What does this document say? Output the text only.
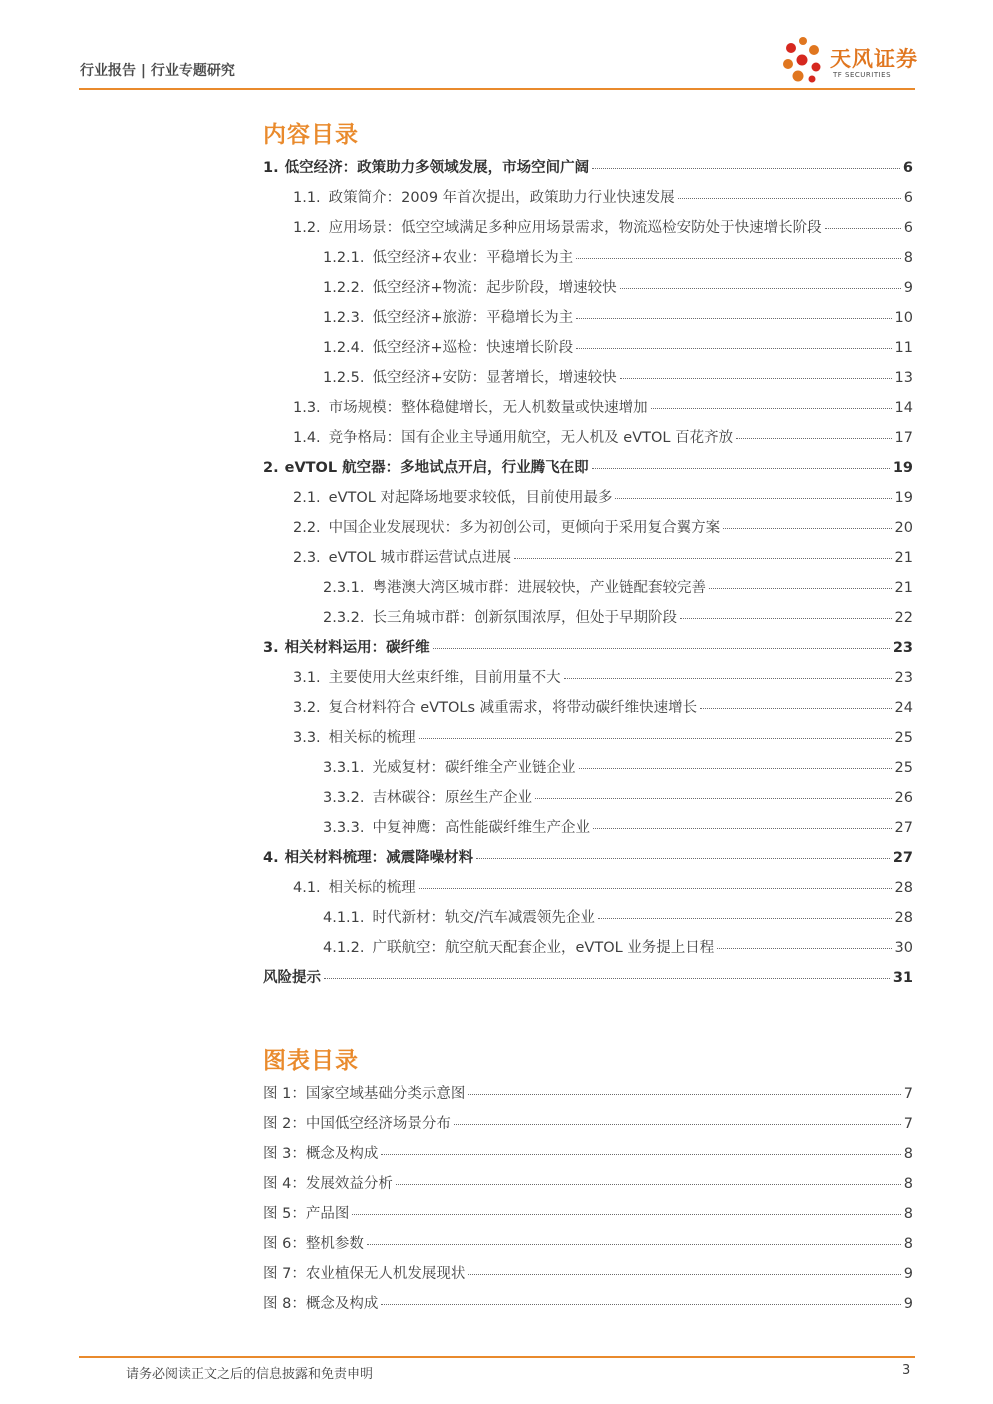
行业报告 | 行业专题研究	天风证券
TF SECURITIES
内容目录
1. 低空经济：政策助力多领域发展，市场空间广阔	6
1.1. 政策简介：2009 年首次提出，政策助力行业快速发展	6
1.2. 应用场景：低空空域满足多种应用场景需求，物流巡检安防处于快速增长阶段	6
1.2.1. 低空经济+农业：平稳增长为主	8
1.2.2. 低空经济+物流：起步阶段，增速较快	9
1.2.3. 低空经济+旅游：平稳增长为主	10
1.2.4. 低空经济+巡检：快速增长阶段	11
1.2.5. 低空经济+安防：显著增长，增速较快	13
1.3. 市场规模：整体稳健增长，无人机数量或快速增加	14
1.4. 竞争格局：国有企业主导通用航空，无人机及 eVTOL 百花齐放	17
2. eVTOL 航空器：多地试点开启，行业腾飞在即	19
2.1. eVTOL 对起降场地要求较低，目前使用最多	19
2.2. 中国企业发展现状：多为初创公司，更倾向于采用复合翼方案	20
2.3. eVTOL 城市群运营试点进展	21
2.3.1. 粤港澳大湾区城市群：进展较快，产业链配套较完善	21
2.3.2. 长三角城市群：创新氛围浓厚，但处于早期阶段	22
3. 相关材料运用：碳纤维	23
3.1. 主要使用大丝束纤维，目前用量不大	23
3.2. 复合材料符合 eVTOLs 减重需求，将带动碳纤维快速增长	24
3.3. 相关标的梳理	25
3.3.1. 光威复材：碳纤维全产业链企业	25
3.3.2. 吉林碳谷：原丝生产企业	26
3.3.3. 中复神鹰：高性能碳纤维生产企业	27
4. 相关材料梳理：减震降噪材料	27
4.1. 相关标的梳理	28
4.1.1. 时代新材：轨交/汽车减震领先企业	28
4.1.2. 广联航空：航空航天配套企业，eVTOL 业务提上日程	30
风险提示	31
图表目录
图 1：国家空域基础分类示意图	7
图 2：中国低空经济场景分布	7
图 3：概念及构成	8
图 4：发展效益分析	8
图 5：产品图	8
图 6：整机参数	8
图 7：农业植保无人机发展现状	9
图 8：概念及构成	9
请务必阅读正文之后的信息披露和免责申明	3
